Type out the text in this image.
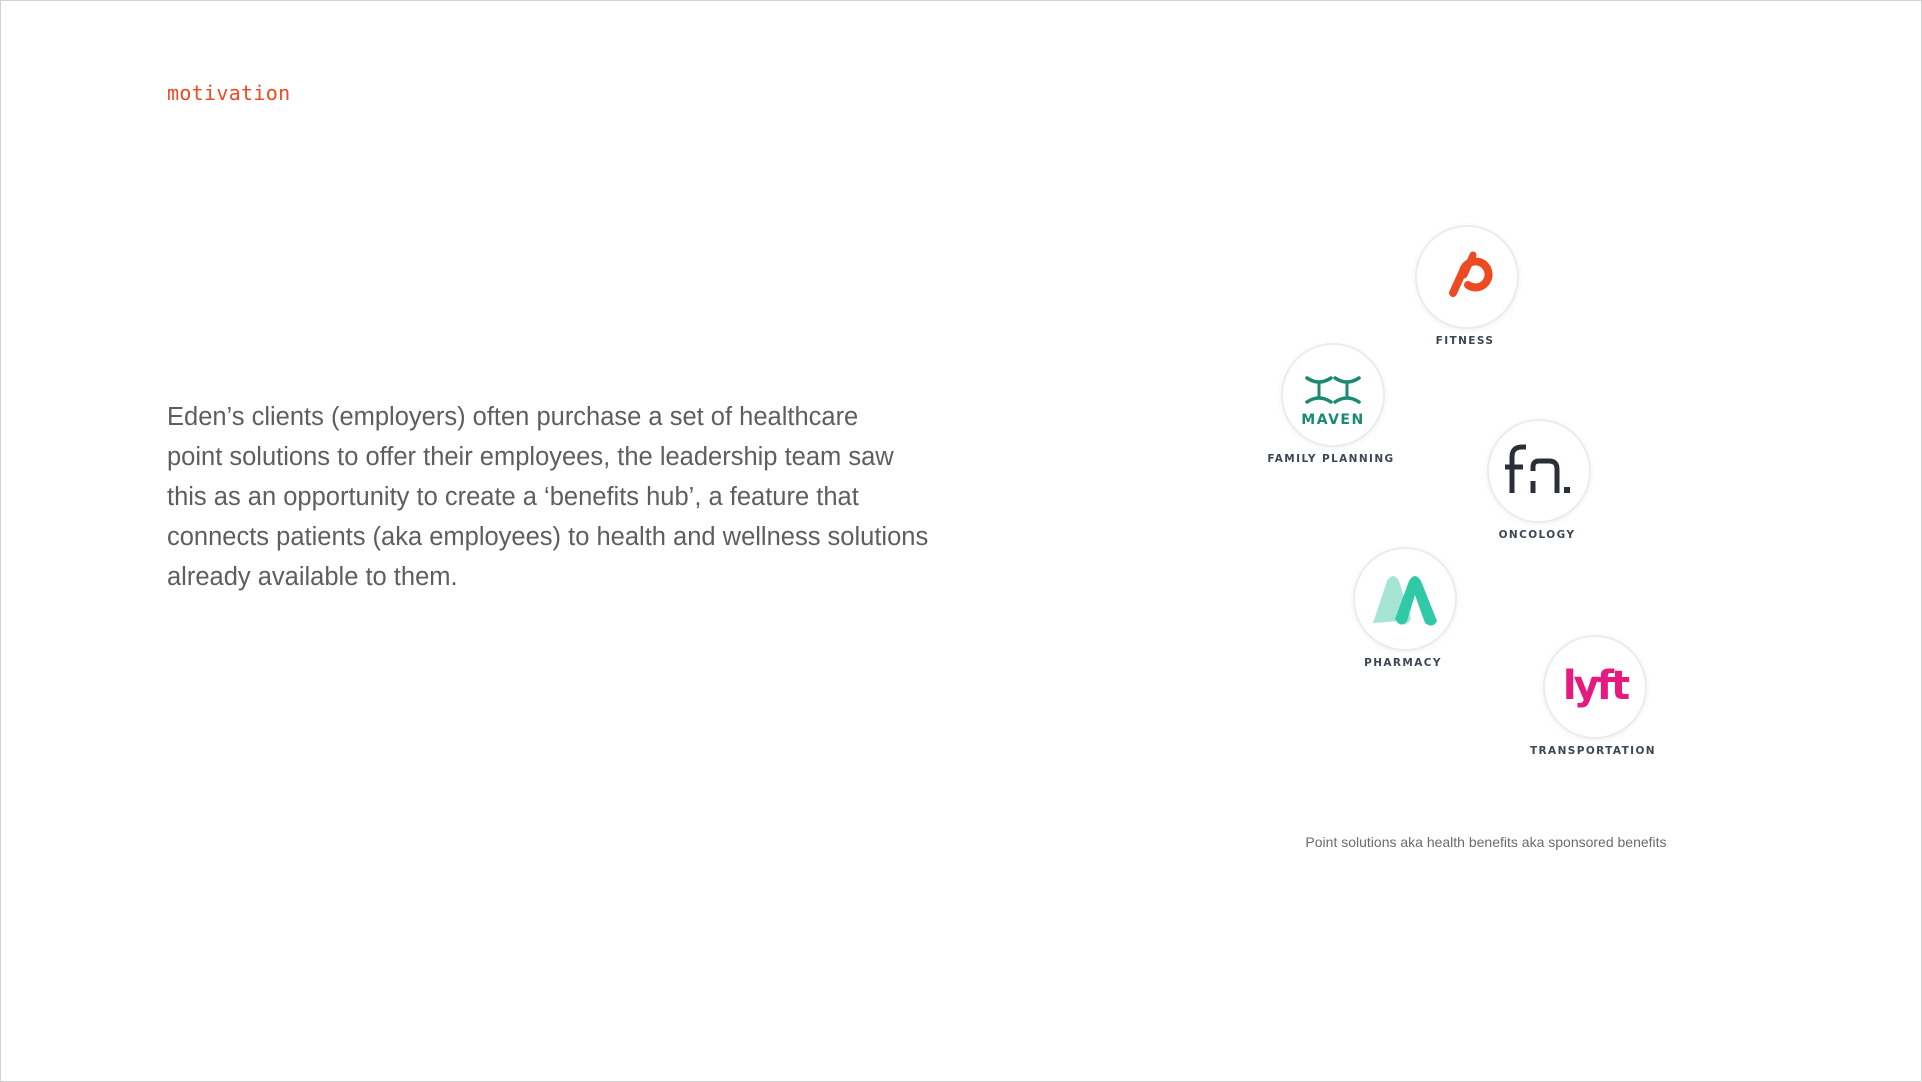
motivation

Eden’s clients (employers) often purchase a set of healthcare
point solutions to offer their employees, the leadership team saw
this as an opportunity to create a ‘benefits hub’, a feature that
connects patients (aka employees) to health and wellness solutions
already available to them.

FITNESS
MAVEN
FAMILY PLANNING
ONCOLOGY
PHARMACY	lyft
TRANSPORTATION
Point solutions aka health benefits aka sponsored benefits
